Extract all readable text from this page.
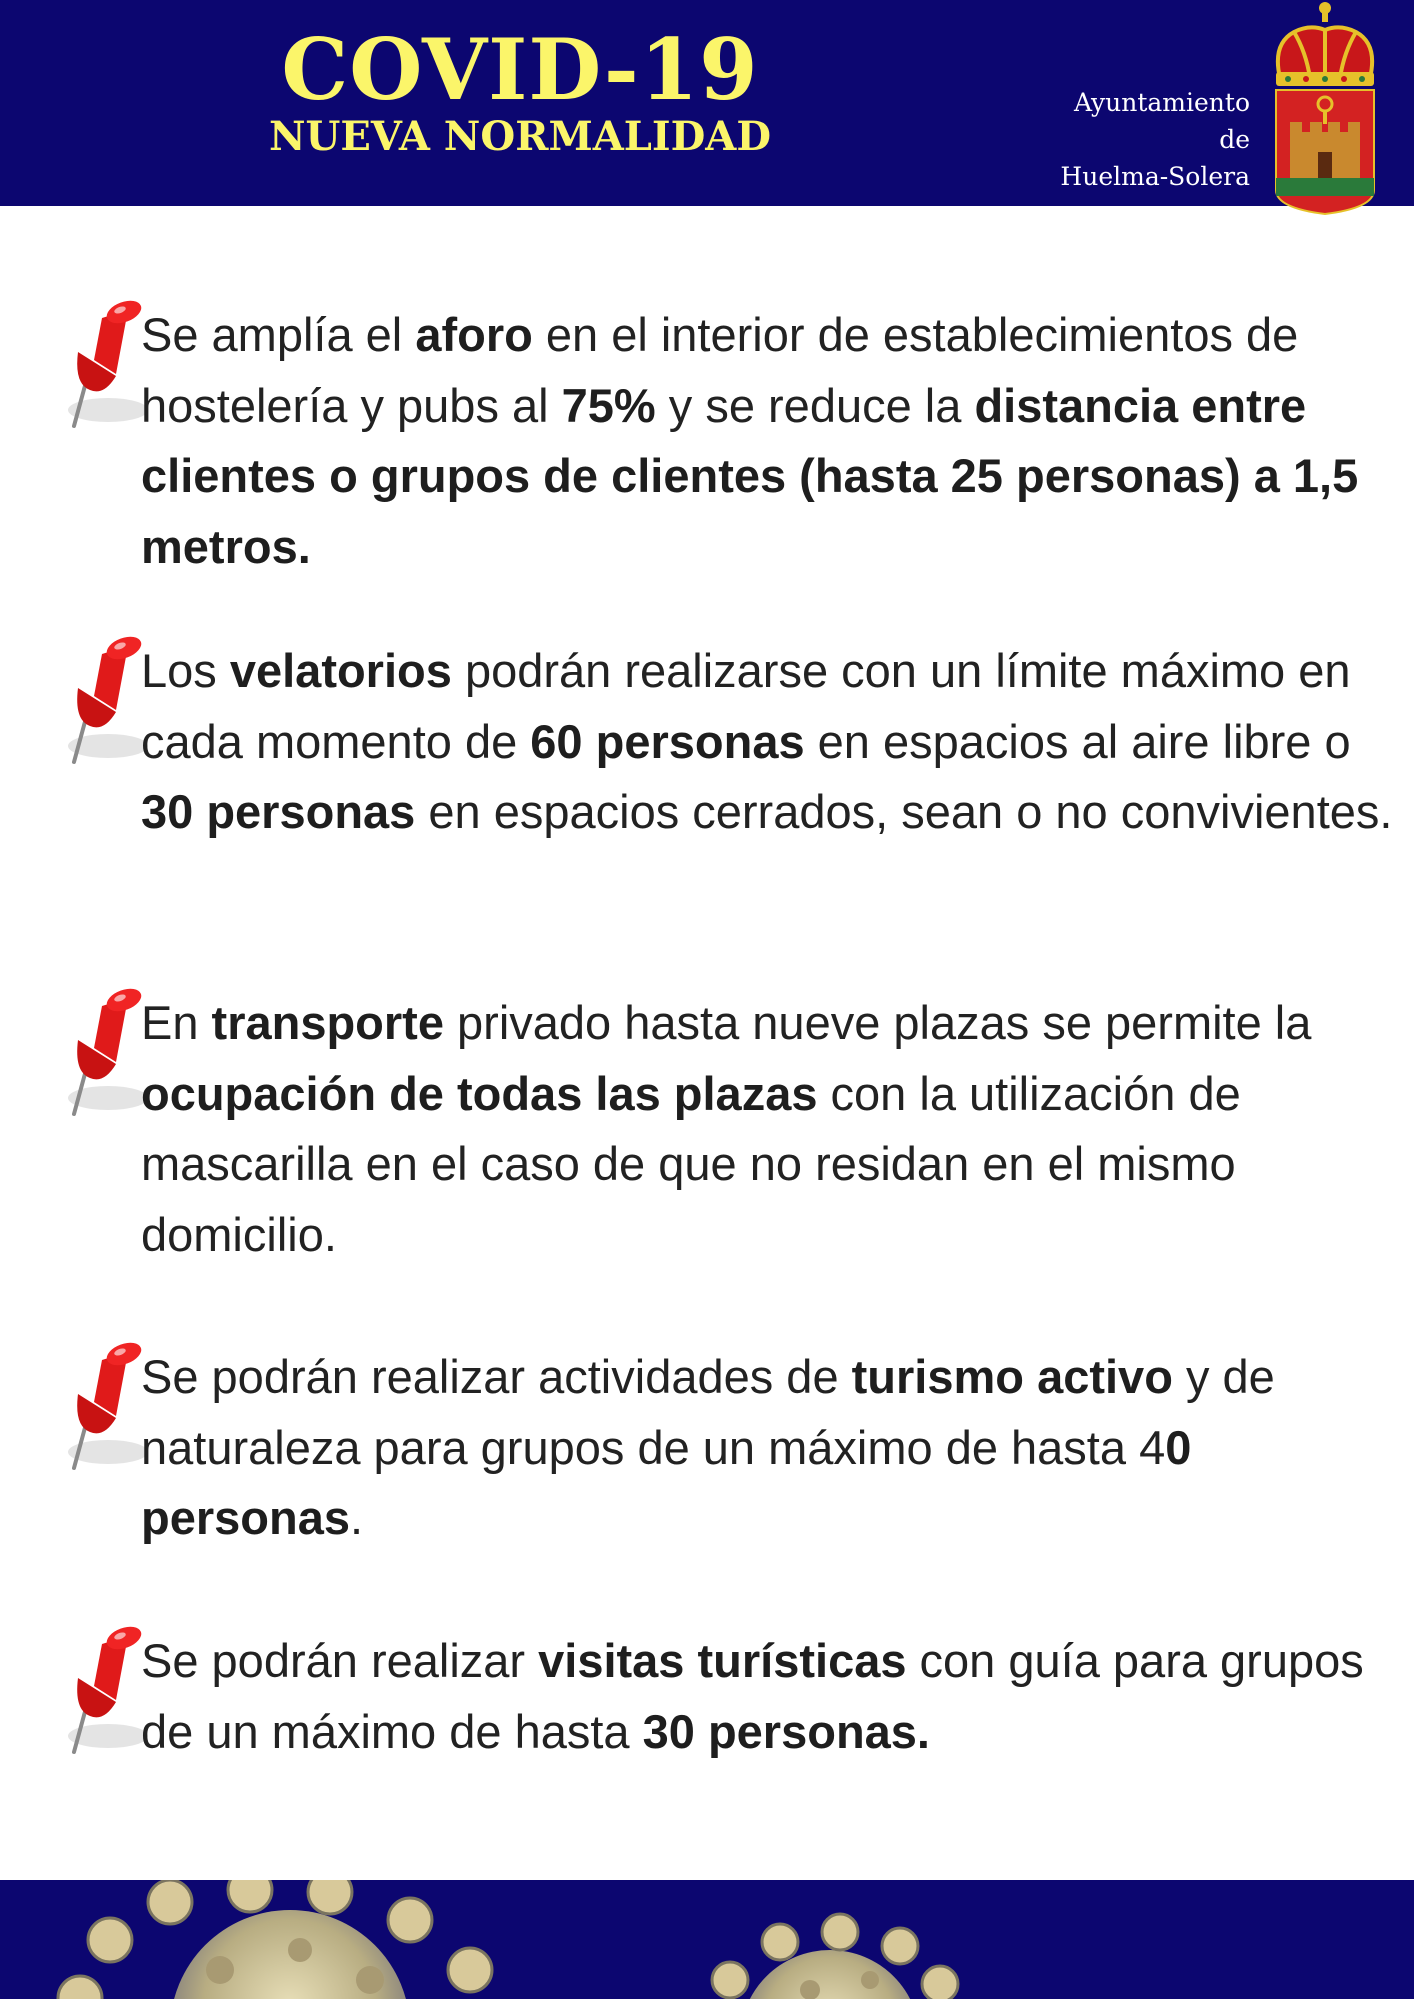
COVID-19
NUEVA NORMALIDAD
Ayuntamiento
de
Huelma-Solera
Se amplía el aforo en el interior de establecimientos de hostelería y pubs al 75% y se reduce la distancia entre clientes o grupos de clientes (hasta 25 personas) a 1,5 metros.
Los velatorios podrán realizarse con un límite máximo en cada momento de 60 personas en espacios al aire libre o 30 personas en espacios cerrados, sean o no convivientes.
En transporte privado hasta nueve plazas se permite la ocupación de todas las plazas con la utilización de mascarilla en el caso de que no residan en el mismo domicilio.
Se podrán realizar actividades de turismo activo y de naturaleza para grupos de un máximo de hasta 40 personas.
Se podrán realizar visitas turísticas con guía para grupos de un máximo de hasta 30 personas.
